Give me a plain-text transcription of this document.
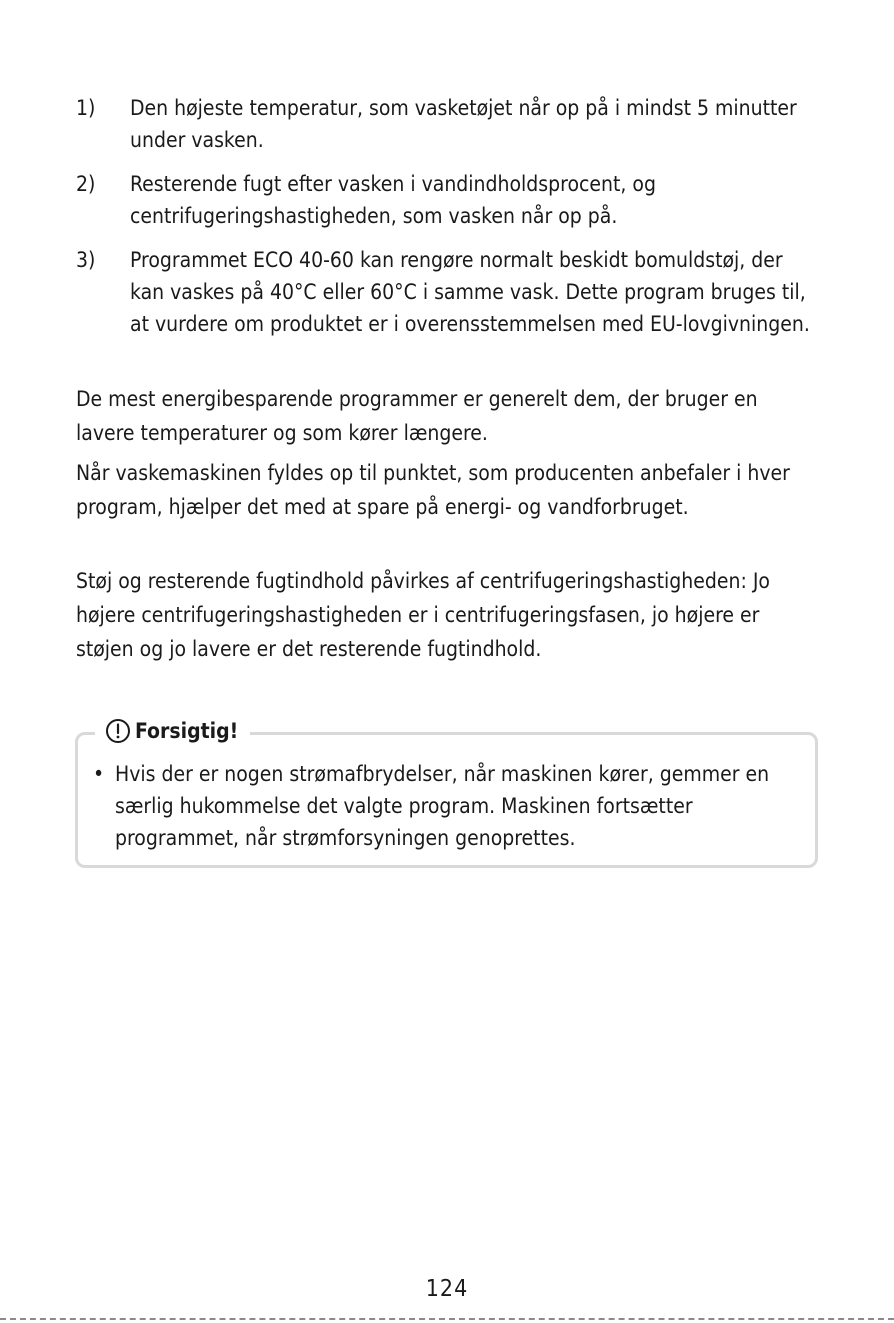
1)	Den højeste temperatur, som vasketøjet når op på i mindst 5 minutter under vasken.
2)	Resterende fugt efter vasken i vandindholdsprocent, og centrifugeringshastigheden, som vasken når op på.
3)	Programmet ECO 40-60 kan rengøre normalt beskidt bomuldstøj, der kan vaskes på 40°C eller 60°C i samme vask. Dette program bruges til, at vurdere om produktet er i overensstemmelsen med EU-lovgivningen.

De mest energibesparende programmer er generelt dem, der bruger en lavere temperaturer og som kører længere.

Når vaskemaskinen fyldes op til punktet, som producenten anbefaler i hver program, hjælper det med at spare på energi- og vandforbruget.

Støj og resterende fugtindhold påvirkes af centrifugeringshastigheden: Jo højere centrifugeringshastigheden er i centrifugeringsfasen, jo højere er støjen og jo lavere er det resterende fugtindhold.

Forsigtig!
• Hvis der er nogen strømafbrydelser, når maskinen kører, gemmer en særlig hukommelse det valgte program. Maskinen fortsætter programmet, når strømforsyningen genoprettes.
124
